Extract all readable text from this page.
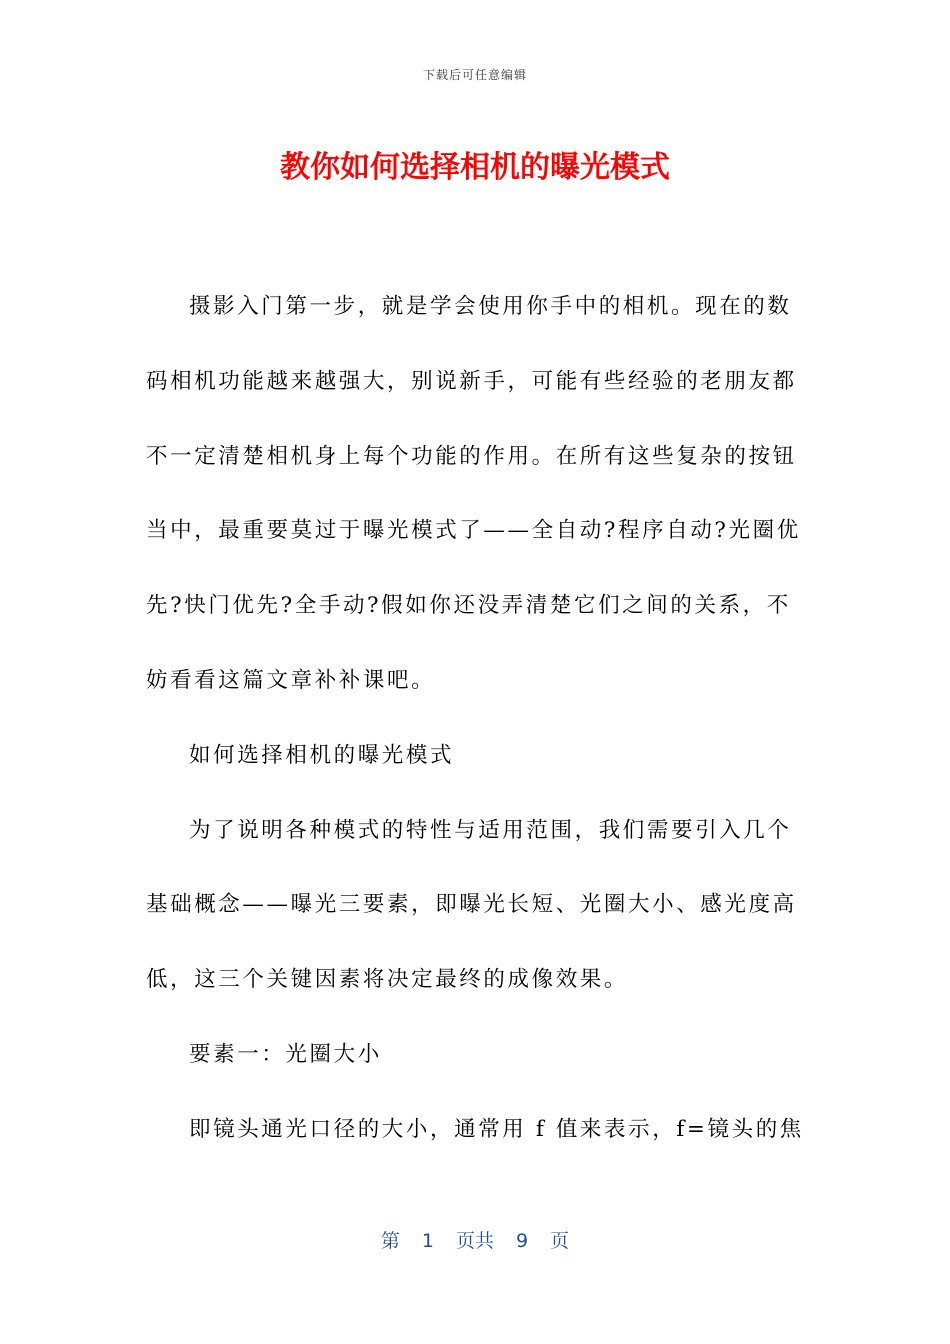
下载后可任意编辑
教你如何选择相机的曝光模式

摄影入门第一步，就是学会使用你手中的相机。现在的数码相机功能越来越强大，别说新手，可能有些经验的老朋友都不一定清楚相机身上每个功能的作用。在所有这些复杂的按钮当中，最重要莫过于曝光模式了——全自动?程序自动?光圈优先?快门优先?全手动?假如你还没弄清楚它们之间的关系，不妨看看这篇文章补补课吧。

如何选择相机的曝光模式

为了说明各种模式的特性与适用范围，我们需要引入几个基础概念——曝光三要素，即曝光长短、光圈大小、感光度高低，这三个关键因素将决定最终的成像效果。

要素一：光圈大小

即镜头通光口径的大小，通常用 f 值来表示，f=镜头的焦

第 1 页共 9 页
